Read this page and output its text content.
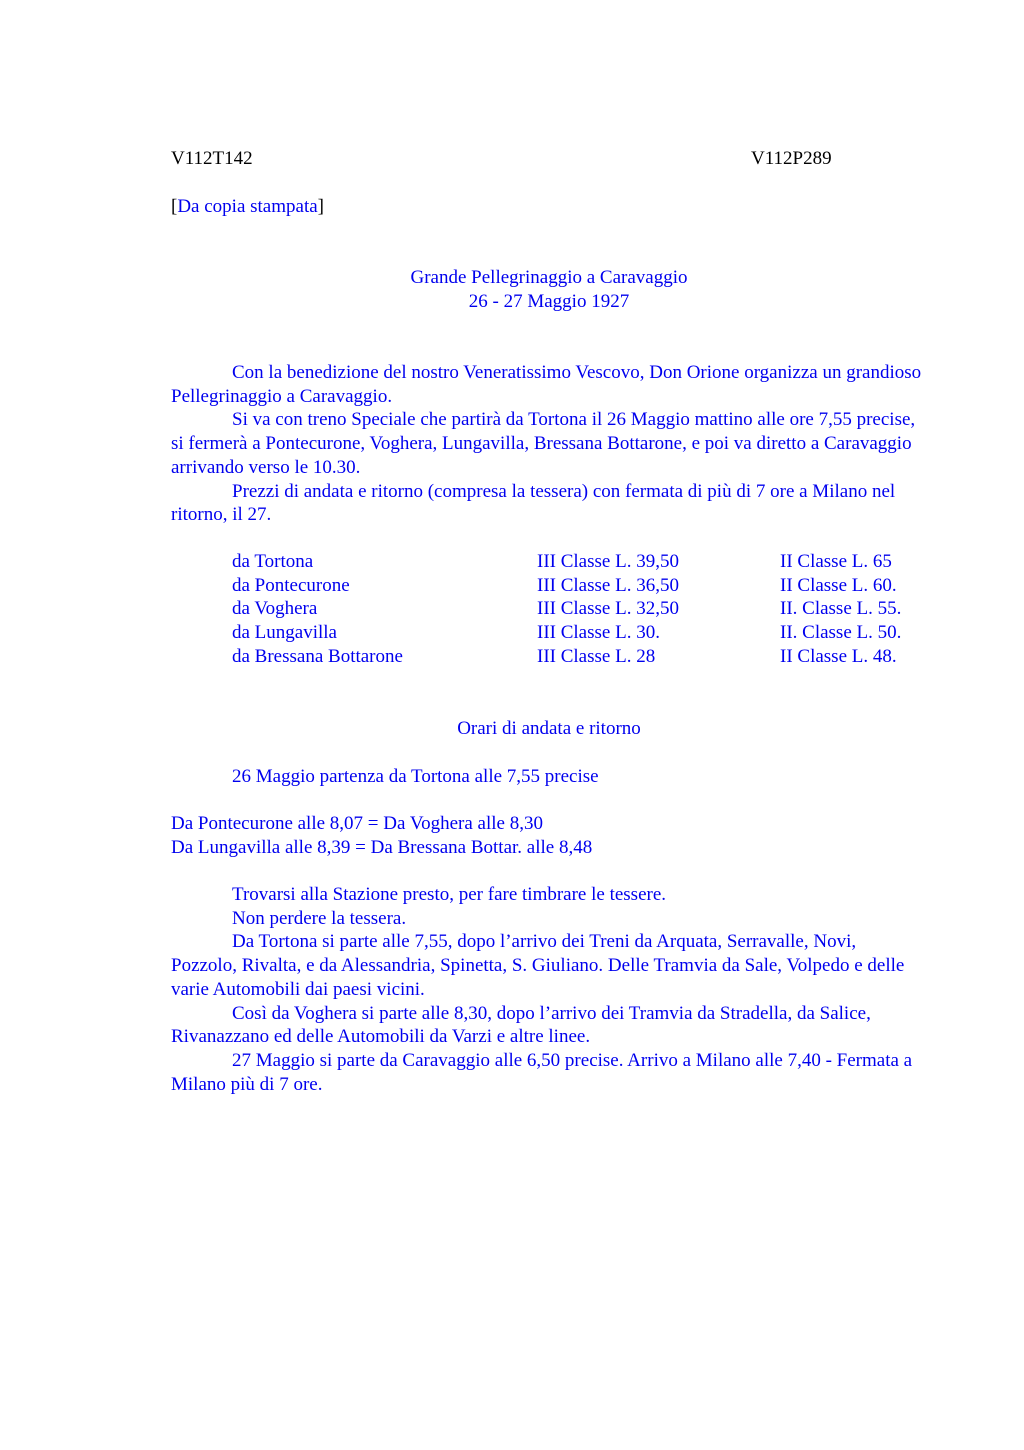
V112T142	V112P289
[Da copia stampata]
Grande Pellegrinaggio a Caravaggio
26 - 27 Maggio 1927

Con la benedizione del nostro Veneratissimo Vescovo, Don Orione organizza un grandioso Pellegrinaggio a Caravaggio.

Si va con treno Speciale che partirà da Tortona il 26 Maggio mattino alle ore 7,55 precise, si fermerà a Pontecurone, Voghera, Lungavilla, Bressana Bottarone, e poi va diretto a Caravaggio arrivando verso le 10.30.

Prezzi di andata e ritorno (compresa la tessera) con fermata di più di 7 ore a Milano nel ritorno, il 27.

da Tortona	III Classe L. 39,50	II Classe L. 65
da Pontecurone	III Classe L. 36,50	II Classe L. 60.
da Voghera	III Classe L. 32,50	II. Classe L. 55.
da Lungavilla	III Classe L. 30.	II. Classe L. 50.
da Bressana Bottarone	III Classe L. 28	II Classe L. 48.
Orari di andata e ritorno

26 Maggio partenza da Tortona alle 7,55 precise

Da Pontecurone alle 8,07 = Da Voghera alle 8,30

Da Lungavilla alle 8,39 = Da Bressana Bottar. alle 8,48

Trovarsi alla Stazione presto, per fare timbrare le tessere.

Non perdere la tessera.

Da Tortona si parte alle 7,55, dopo l’arrivo dei Treni da Arquata, Serravalle, Novi, Pozzolo, Rivalta, e da Alessandria, Spinetta, S. Giuliano. Delle Tramvia da Sale, Volpedo e delle varie Automobili dai paesi vicini.

Così da Voghera si parte alle 8,30, dopo l’arrivo dei Tramvia da Stradella, da Salice, Rivanazzano ed delle Automobili da Varzi e altre linee.

27 Maggio si parte da Caravaggio alle 6,50 precise. Arrivo a Milano alle 7,40 - Fermata a Milano più di 7 ore.
